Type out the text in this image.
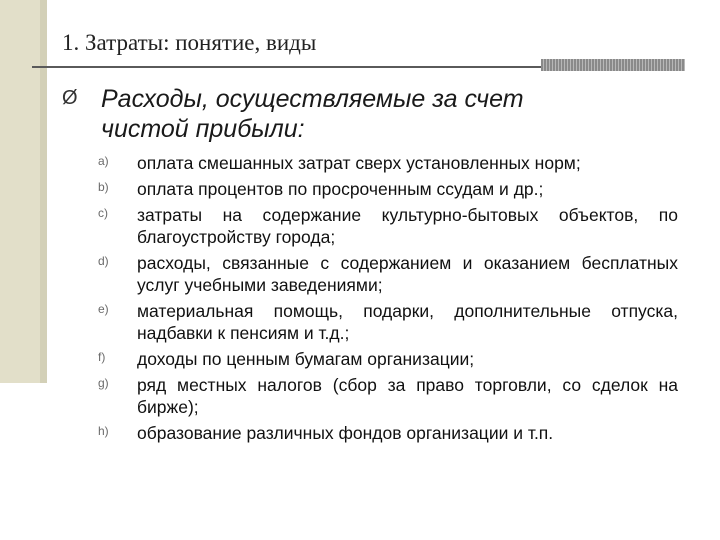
1. Затраты: понятие, виды
Ø Расходы, осуществляемые за счет чистой прибыли:
a) оплата смешанных затрат сверх установленных норм;
b) оплата процентов по просроченным ссудам и др.;
c) затраты на содержание культурно-бытовых объектов, по благоустройству города;
d) расходы, связанные с содержанием и оказанием бесплатных услуг учебными заведениями;
e) материальная помощь, подарки, дополнительные отпуска, надбавки к пенсиям и т.д.;
f) доходы по ценным бумагам организации;
g) ряд местных налогов (сбор за право торговли, со сделок на бирже);
h) образование различных фондов организации и т.п.
